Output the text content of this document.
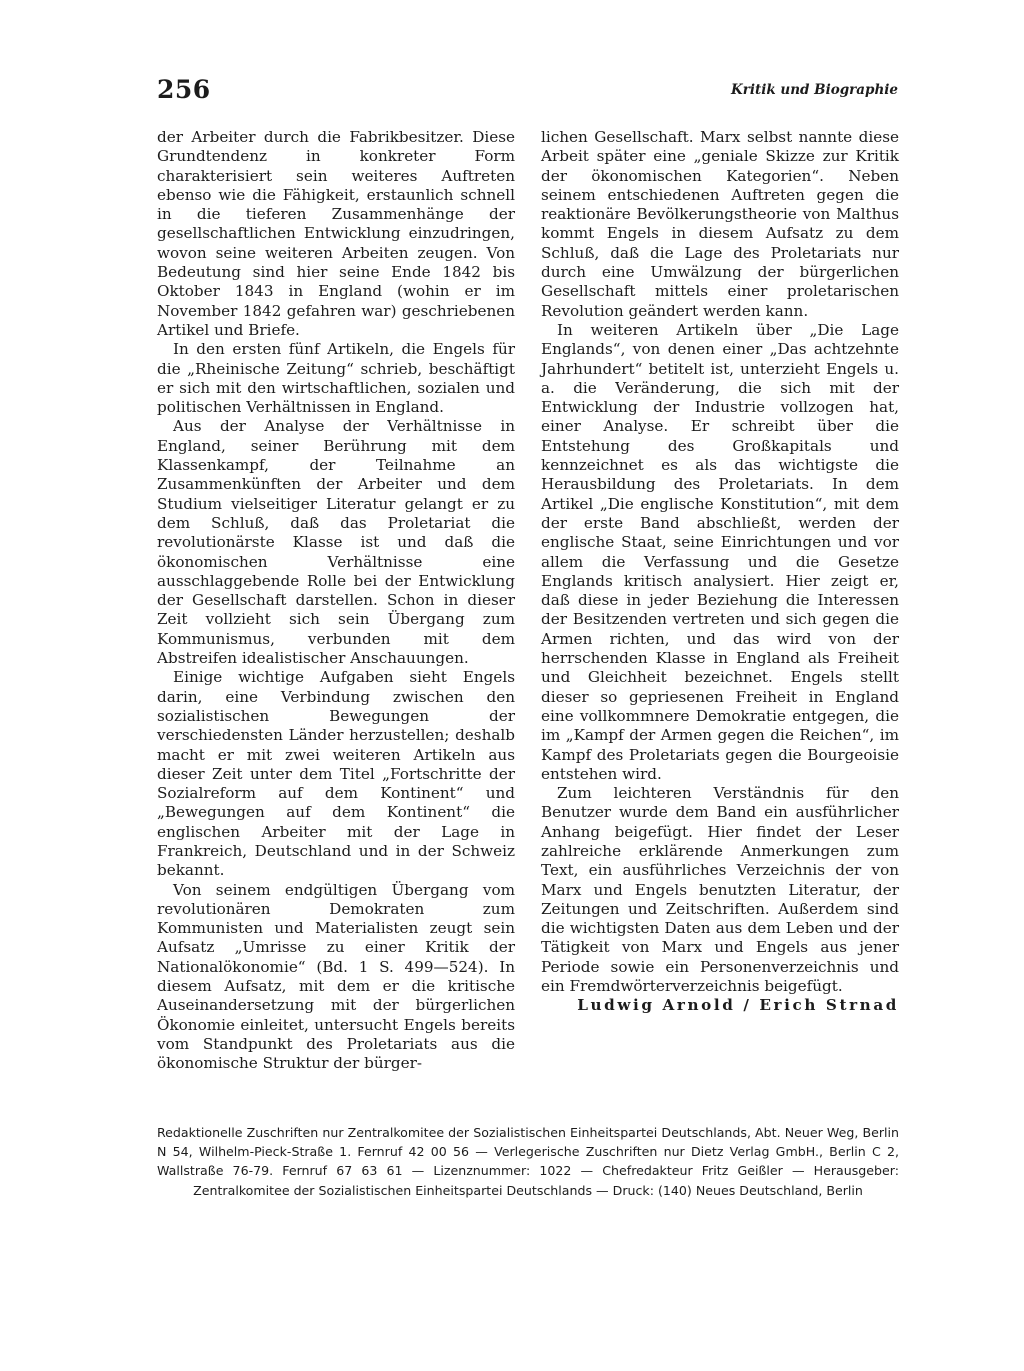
256	Kritik und Biographie

der Arbeiter durch die Fabrikbesitzer. Diese Grundtendenz in konkreter Form charakterisiert sein weiteres Auftreten ebenso wie die Fähigkeit, erstaunlich schnell in die tieferen Zusammenhänge der gesellschaftlichen Entwicklung einzudringen, wovon seine weiteren Arbeiten zeugen. Von Bedeutung sind hier seine Ende 1842 bis Oktober 1843 in England (wohin er im November 1842 gefahren war) geschriebenen Artikel und Briefe.

In den ersten fünf Artikeln, die Engels für die „Rheinische Zeitung“ schrieb, beschäftigt er sich mit den wirtschaftlichen, sozialen und politischen Verhältnissen in England.

Aus der Analyse der Verhältnisse in England, seiner Berührung mit dem Klassenkampf, der Teilnahme an Zusammenkünften der Arbeiter und dem Studium vielseitiger Literatur gelangt er zu dem Schluß, daß das Proletariat die revolutionärste Klasse ist und daß die ökonomischen Verhältnisse eine ausschlaggebende Rolle bei der Entwicklung der Gesellschaft darstellen. Schon in dieser Zeit vollzieht sich sein Übergang zum Kommunismus, verbunden mit dem Abstreifen idealistischer Anschauungen.

Einige wichtige Aufgaben sieht Engels darin, eine Verbindung zwischen den sozialistischen Bewegungen der verschiedensten Länder herzustellen; deshalb macht er mit zwei weiteren Artikeln aus dieser Zeit unter dem Titel „Fortschritte der Sozialreform auf dem Kontinent“ und „Bewegungen auf dem Kontinent“ die englischen Arbeiter mit der Lage in Frankreich, Deutschland und in der Schweiz bekannt.

Von seinem endgültigen Übergang vom revolutionären Demokraten zum Kommunisten und Materialisten zeugt sein Aufsatz „Umrisse zu einer Kritik der Nationalökonomie“ (Bd. 1 S. 499—524). In diesem Aufsatz, mit dem er die kritische Auseinandersetzung mit der bürgerlichen Ökonomie einleitet, untersucht Engels bereits vom Standpunkt des Proletariats aus die ökonomische Struktur der bürger-

lichen Gesellschaft. Marx selbst nannte diese Arbeit später eine „geniale Skizze zur Kritik der ökonomischen Kategorien“. Neben seinem entschiedenen Auftreten gegen die reaktionäre Bevölkerungstheorie von Malthus kommt Engels in diesem Aufsatz zu dem Schluß, daß die Lage des Proletariats nur durch eine Umwälzung der bürgerlichen Gesellschaft mittels einer proletarischen Revolution geändert werden kann.

In weiteren Artikeln über „Die Lage Englands“, von denen einer „Das achtzehnte Jahrhundert“ betitelt ist, unterzieht Engels u. a. die Veränderung, die sich mit der Entwicklung der Industrie vollzogen hat, einer Analyse. Er schreibt über die Entstehung des Großkapitals und kennzeichnet es als das wichtigste die Herausbildung des Proletariats. In dem Artikel „Die englische Konstitution“, mit dem der erste Band abschließt, werden der englische Staat, seine Einrichtungen und vor allem die Verfassung und die Gesetze Englands kritisch analysiert. Hier zeigt er, daß diese in jeder Beziehung die Interessen der Besitzenden vertreten und sich gegen die Armen richten, und das wird von der herrschenden Klasse in England als Freiheit und Gleichheit bezeichnet. Engels stellt dieser so gepriesenen Freiheit in England eine vollkommnere Demokratie entgegen, die im „Kampf der Armen gegen die Reichen“, im Kampf des Proletariats gegen die Bourgeoisie entstehen wird.

Zum leichteren Verständnis für den Benutzer wurde dem Band ein ausführlicher Anhang beigefügt. Hier findet der Leser zahlreiche erklärende Anmerkungen zum Text, ein ausführliches Verzeichnis der von Marx und Engels benutzten Literatur, der Zeitungen und Zeitschriften. Außerdem sind die wichtigsten Daten aus dem Leben und der Tätigkeit von Marx und Engels aus jener Periode sowie ein Personenverzeichnis und ein Fremdwörterverzeichnis beigefügt.

Ludwig Arnold / Erich Strnad

Redaktionelle Zuschriften nur Zentralkomitee der Sozialistischen Einheitspartei Deutschlands, Abt. Neuer Weg, Berlin N 54, Wilhelm-Pieck-Straße 1. Fernruf 42 00 56 — Verlegerische Zuschriften nur Dietz Verlag GmbH., Berlin C 2, Wallstraße 76-79. Fernruf 67 63 61 — Lizenznummer: 1022 — Chefredakteur Fritz Geißler — Herausgeber: Zentralkomitee der Sozialistischen Einheitspartei Deutschlands — Druck: (140) Neues Deutschland, Berlin
